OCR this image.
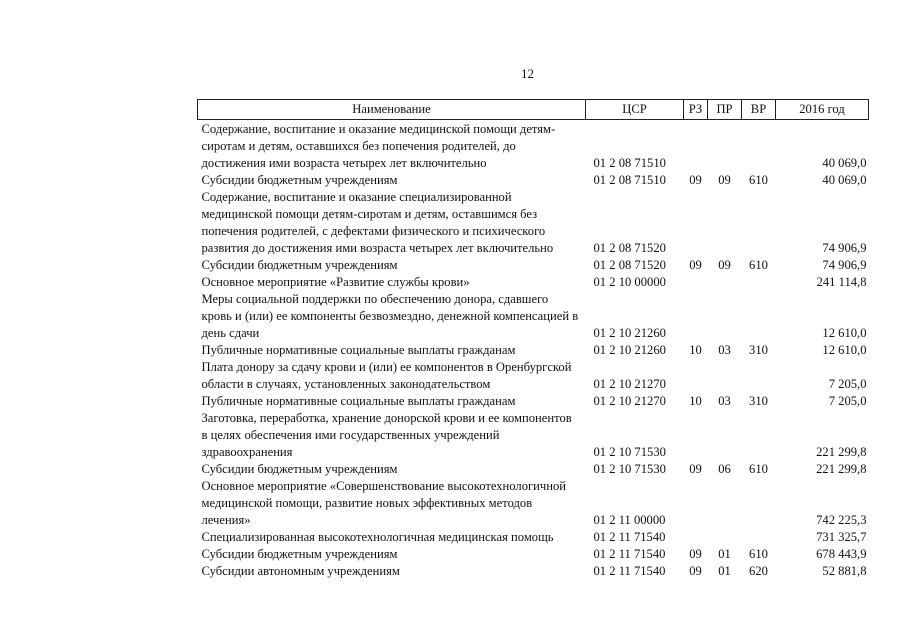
12
Наименование	ЦСР	РЗ	ПР	ВР	2016 год
Содержание, воспитание и оказание медицинской помощи детям-сиротам и детям, оставшихся без попечения родителей, до достижения ими возраста четырех лет включительно	01 2 08 71510				40 069,0
Субсидии бюджетным учреждениям	01 2 08 71510	09	09	610	40 069,0
Содержание, воспитание и оказание специализированной медицинской помощи детям-сиротам и детям, оставшимся без попечения родителей, с дефектами физического и психического развития до достижения ими возраста четырех лет включительно	01 2 08 71520				74 906,9
Субсидии бюджетным учреждениям	01 2 08 71520	09	09	610	74 906,9
Основное мероприятие «Развитие службы крови»	01 2 10 00000				241 114,8
Меры социальной поддержки по обеспечению донора, сдавшего кровь и (или) ее компоненты безвозмездно, денежной компенсацией в день сдачи	01 2 10 21260				12 610,0
Публичные нормативные социальные выплаты гражданам	01 2 10 21260	10	03	310	12 610,0
Плата донору за сдачу крови и (или) ее компонентов в Оренбургской области в случаях, установленных законодательством	01 2 10 21270				7 205,0
Публичные нормативные социальные выплаты гражданам	01 2 10 21270	10	03	310	7 205,0
Заготовка, переработка, хранение донорской крови и ее компонентов в целях обеспечения ими государственных учреждений здравоохранения	01 2 10 71530				221 299,8
Субсидии бюджетным учреждениям	01 2 10 71530	09	06	610	221 299,8
Основное мероприятие «Совершенствование высокотехнологичной медицинской помощи, развитие новых эффективных методов лечения»	01 2 11 00000				742 225,3
Специализированная высокотехнологичная медицинская помощь	01 2 11 71540				731 325,7
Субсидии бюджетным учреждениям	01 2 11 71540	09	01	610	678 443,9
Субсидии автономным учреждениям	01 2 11 71540	09	01	620	52 881,8
